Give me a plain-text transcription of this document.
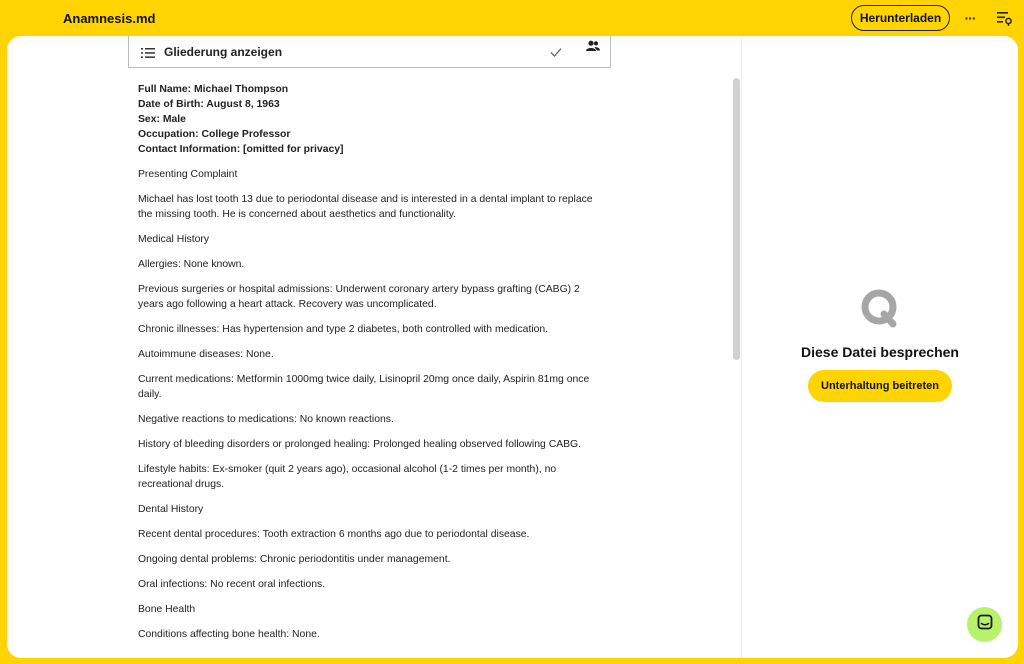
Anamnesis.md	Herunterladen	···
Gliederung anzeigen
Full Name: Michael Thompson
Date of Birth: August 8, 1963
Sex: Male
Occupation: College Professor
Contact Information: [omitted for privacy]

Presenting Complaint

Michael has lost tooth 13 due to periodontal disease and is interested in a dental implant to replace the missing tooth. He is concerned about aesthetics and functionality.

Medical History

Allergies: None known.

Previous surgeries or hospital admissions: Underwent coronary artery bypass grafting (CABG) 2 years ago following a heart attack. Recovery was uncomplicated.

Chronic illnesses: Has hypertension and type 2 diabetes, both controlled with medication.

Autoimmune diseases: None.

Current medications: Metformin 1000mg twice daily, Lisinopril 20mg once daily, Aspirin 81mg once daily.

Negative reactions to medications: No known reactions.

History of bleeding disorders or prolonged healing: Prolonged healing observed following CABG.

Lifestyle habits: Ex-smoker (quit 2 years ago), occasional alcohol (1-2 times per month), no recreational drugs.

Dental History

Recent dental procedures: Tooth extraction 6 months ago due to periodontal disease.

Ongoing dental problems: Chronic periodontitis under management.

Oral infections: No recent oral infections.

Bone Health

Conditions affecting bone health: None.

Diese Datei besprechen
Unterhaltung beitreten
